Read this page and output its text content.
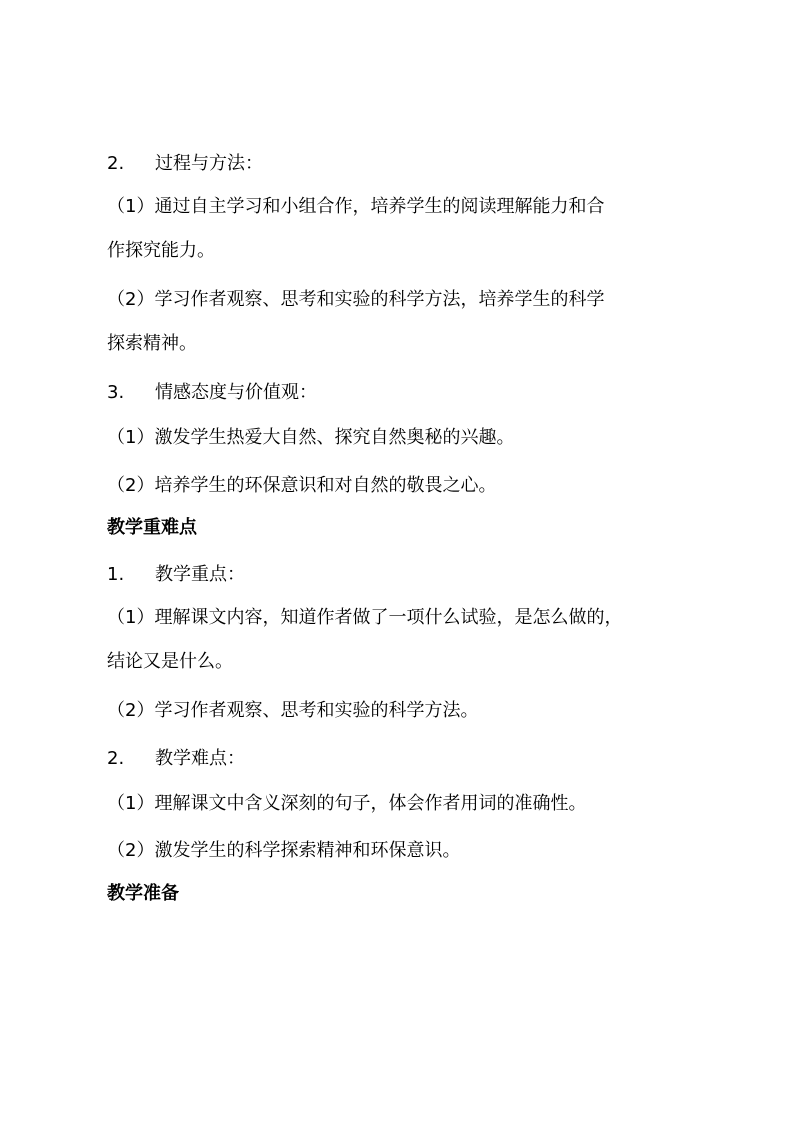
2. 过程与方法：
（1）通过自主学习和小组合作，培养学生的阅读理解能力和合
作探究能力。
（2）学习作者观察、思考和实验的科学方法，培养学生的科学
探索精神。
3. 情感态度与价值观：
（1）激发学生热爱大自然、探究自然奥秘的兴趣。
（2）培养学生的环保意识和对自然的敬畏之心。
教学重难点
1. 教学重点：
（1）理解课文内容，知道作者做了一项什么试验，是怎么做的，
结论又是什么。
（2）学习作者观察、思考和实验的科学方法。
2. 教学难点：
（1）理解课文中含义深刻的句子，体会作者用词的准确性。
（2）激发学生的科学探索精神和环保意识。
教学准备
